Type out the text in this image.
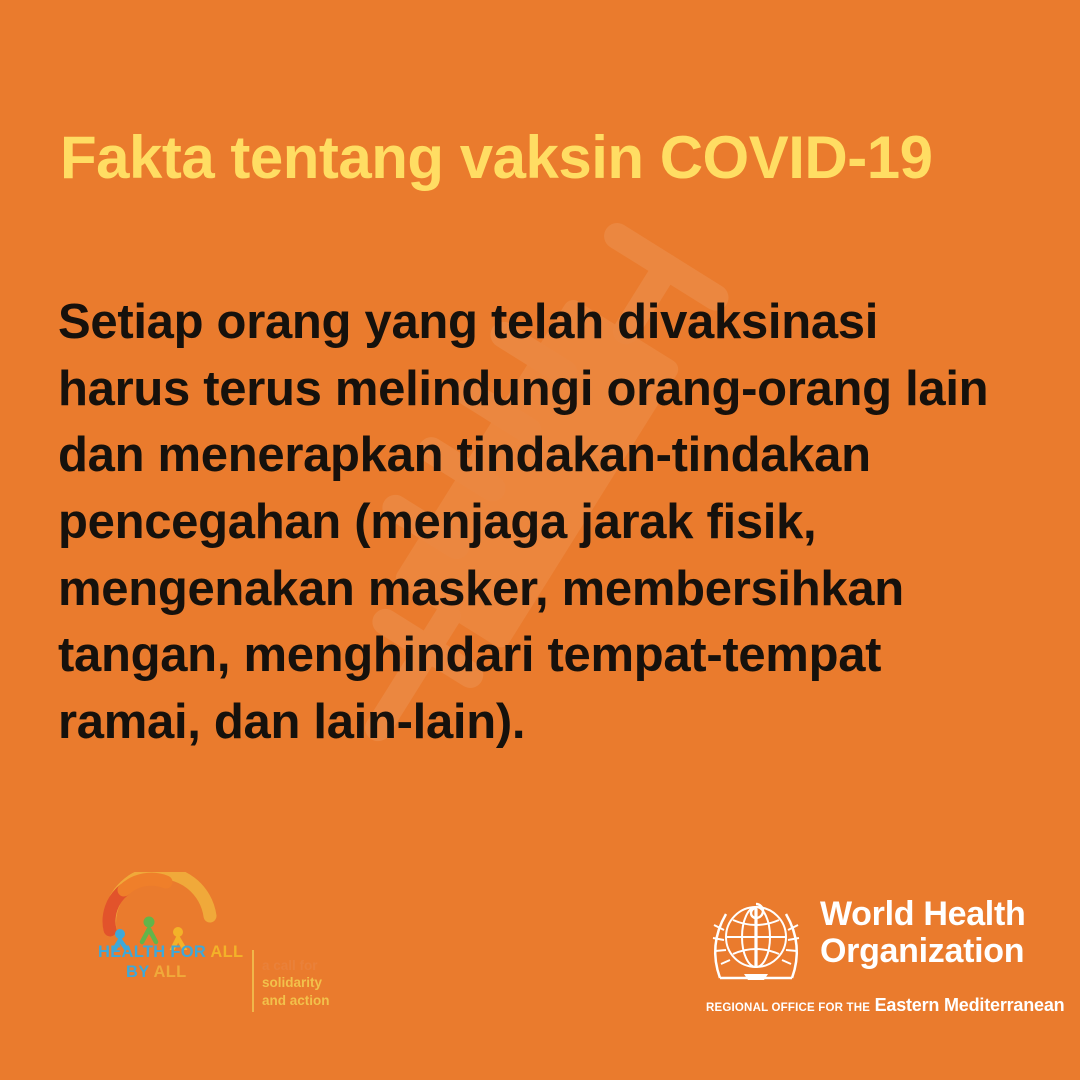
Fakta tentang vaksin COVID-19

Setiap orang yang telah divaksinasi harus terus melindungi orang-orang lain dan menerapkan tindakan-tindakan pencegahan (menjaga jarak fisik, mengenakan masker, membersihkan tangan, menghindari tempat-tempat ramai, dan lain-lain).

HEALTH FOR ALL
BY ALL	a call for
solidarity
and action
World Health
Organization
REGIONAL OFFICE FOR THE Eastern Mediterranean
